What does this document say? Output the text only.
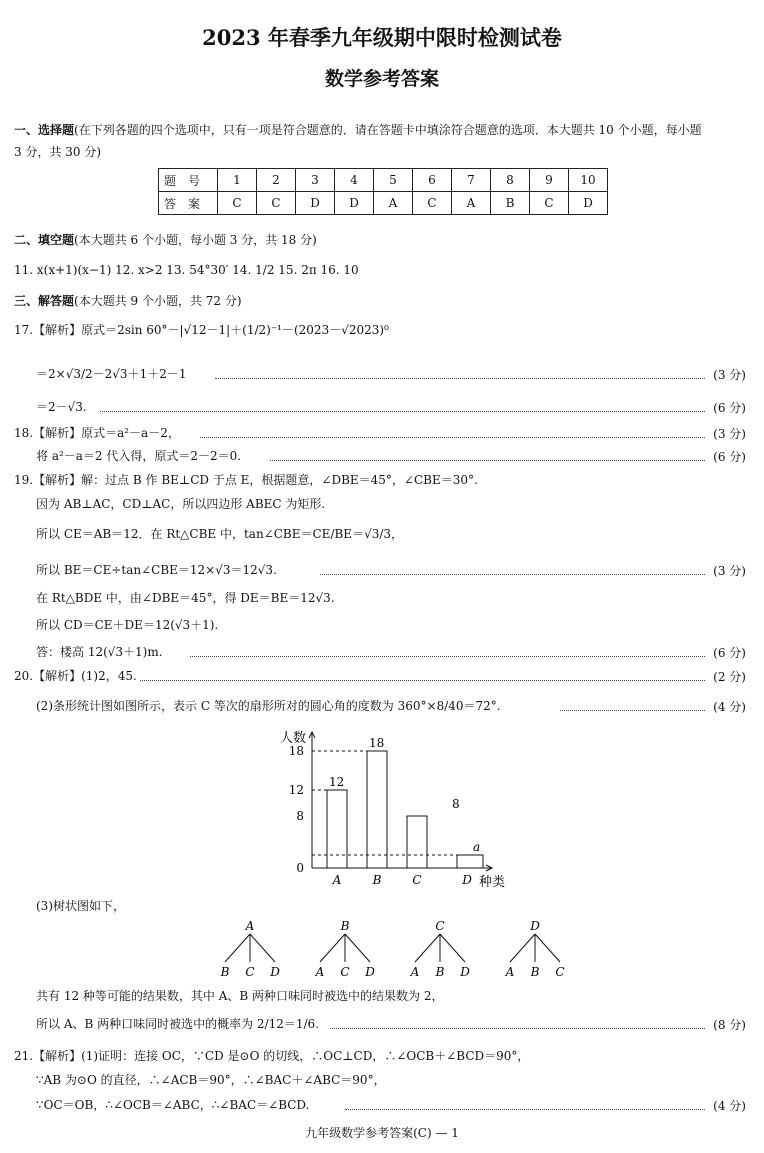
2023 年春季九年级期中限时检测试卷
数学参考答案
一、选择题(在下列各题的四个选项中，只有一项是符合题意的．请在答题卡中填涂符合题意的选项．本大题共 10 个小题，每小题
3 分，共 30 分)
题号	1	2	3	4	5	6	7	8	9	10
答案	C	C	D	D	A	C	A	B	C	D
二、填空题(本大题共 6 个小题，每小题 3 分，共 18 分)
11. x(x+1)(x−1) 12. x>2 13. 54°30′ 14. 1/2 15. 2π 16. 10
三、解答题(本大题共 9 个小题，共 72 分)
17.【解析】原式＝2sin 60°－|√12－1|＋(1/2)⁻¹－(2023－√2023)⁰
＝2×√3/2－2√3＋1＋2－1	(3 分)
＝2－√3.	(6 分)
18.【解析】原式＝a²－a－2，	(3 分)
将 a²－a＝2 代入得，原式＝2－2＝0.	(6 分)
19.【解析】解：过点 B 作 BE⊥CD 于点 E，根据题意，∠DBE＝45°，∠CBE＝30°.
因为 AB⊥AC，CD⊥AC，所以四边形 ABEC 为矩形.
所以 CE＝AB＝12．在 Rt△CBE 中，tan∠CBE＝CE/BE＝√3/3，
所以 BE＝CE÷tan∠CBE＝12×√3＝12√3.	(3 分)
在 Rt△BDE 中，由∠DBE＝45°，得 DE＝BE＝12√3.
所以 CD＝CE＋DE＝12(√3＋1).
答：楼高 12(√3＋1)m.	(6 分)
20.【解析】(1)2，45.	(2 分)
(2)条形统计图如图所示，表示 C 等次的扇形所对的圆心角的度数为 360°×8/40＝72°.	(4 分)
人数
种类
0
8
12
18
12
A
18
B
8
C
a
D
(3)树状图如下，
A
B C D
B
A C D
C
A B D
D
A B C
共有 12 种等可能的结果数，其中 A、B 两种口味同时被选中的结果数为 2，
所以 A、B 两种口味同时被选中的概率为 2/12＝1/6.	(8 分)
21.【解析】(1)证明：连接 OC，∵CD 是⊙O 的切线，∴OC⊥CD，∴∠OCB＋∠BCD＝90°，
∵AB 为⊙O 的直径，∴∠ACB＝90°，∴∠BAC＋∠ABC＝90°，
∵OC＝OB，∴∠OCB＝∠ABC，∴∠BAC＝∠BCD.	(4 分)
九年级数学参考答案(C) — 1
